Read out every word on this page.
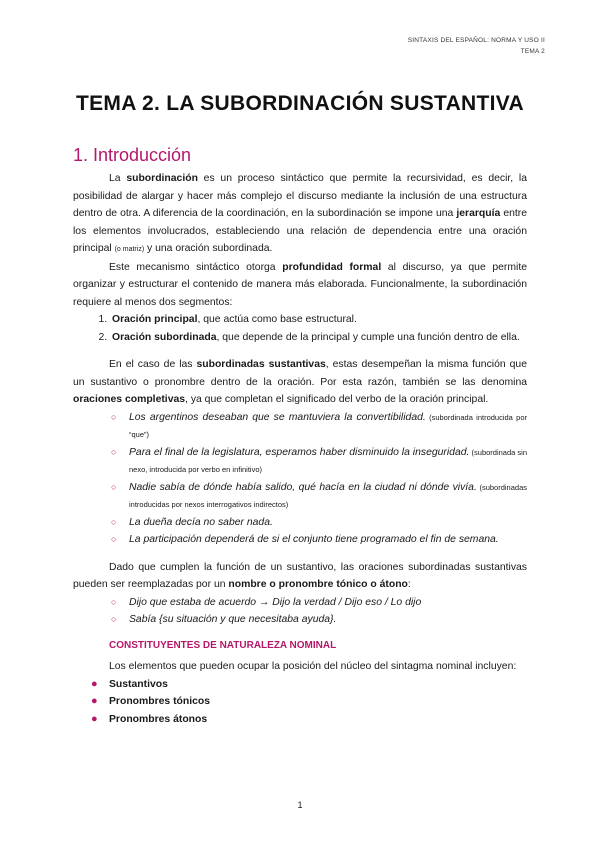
SINTAXIS DEL ESPAÑOL: NORMA Y USO II
TEMA 2
TEMA 2. LA SUBORDINACIÓN SUSTANTIVA
1. Introducción

La subordinación es un proceso sintáctico que permite la recursividad, es decir, la posibilidad de alargar y hacer más complejo el discurso mediante la inclusión de una estructura dentro de otra. A diferencia de la coordinación, en la subordinación se impone una jerarquía entre los elementos involucrados, estableciendo una relación de dependencia entre una oración principal (o matriz) y una oración subordinada.

Este mecanismo sintáctico otorga profundidad formal al discurso, ya que permite organizar y estructurar el contenido de manera más elaborada. Funcionalmente, la subordinación requiere al menos dos segmentos:

1. Oración principal, que actúa como base estructural.
2. Oración subordinada, que depende de la principal y cumple una función dentro de ella.

En el caso de las subordinadas sustantivas, estas desempeñan la misma función que un sustantivo o pronombre dentro de la oración. Por esta razón, también se las denomina oraciones completivas, ya que completan el significado del verbo de la oración principal.

○ Los argentinos deseaban que se mantuviera la convertibilidad. (subordinada introducida por “que”)
○ Para el final de la legislatura, esperamos haber disminuido la inseguridad. (subordinada sin nexo, introducida por verbo en infinitivo)
○ Nadie sabía de dónde había salido, qué hacía en la ciudad ni dónde vivía. (subordinadas introducidas por nexos interrogativos indirectos)
○ La dueña decía no saber nada.
○ La participación dependerá de si el conjunto tiene programado el fin de semana.

Dado que cumplen la función de un sustantivo, las oraciones subordinadas sustantivas pueden ser reemplazadas por un nombre o pronombre tónico o átono:

○ Dijo que estaba de acuerdo → Dijo la verdad / Dijo eso / Lo dijo
○ Sabía {su situación y que necesitaba ayuda}.
CONSTITUYENTES DE NATURALEZA NOMINAL

Los elementos que pueden ocupar la posición del núcleo del sintagma nominal incluyen:

● Sustantivos
● Pronombres tónicos
● Pronombres átonos
1
